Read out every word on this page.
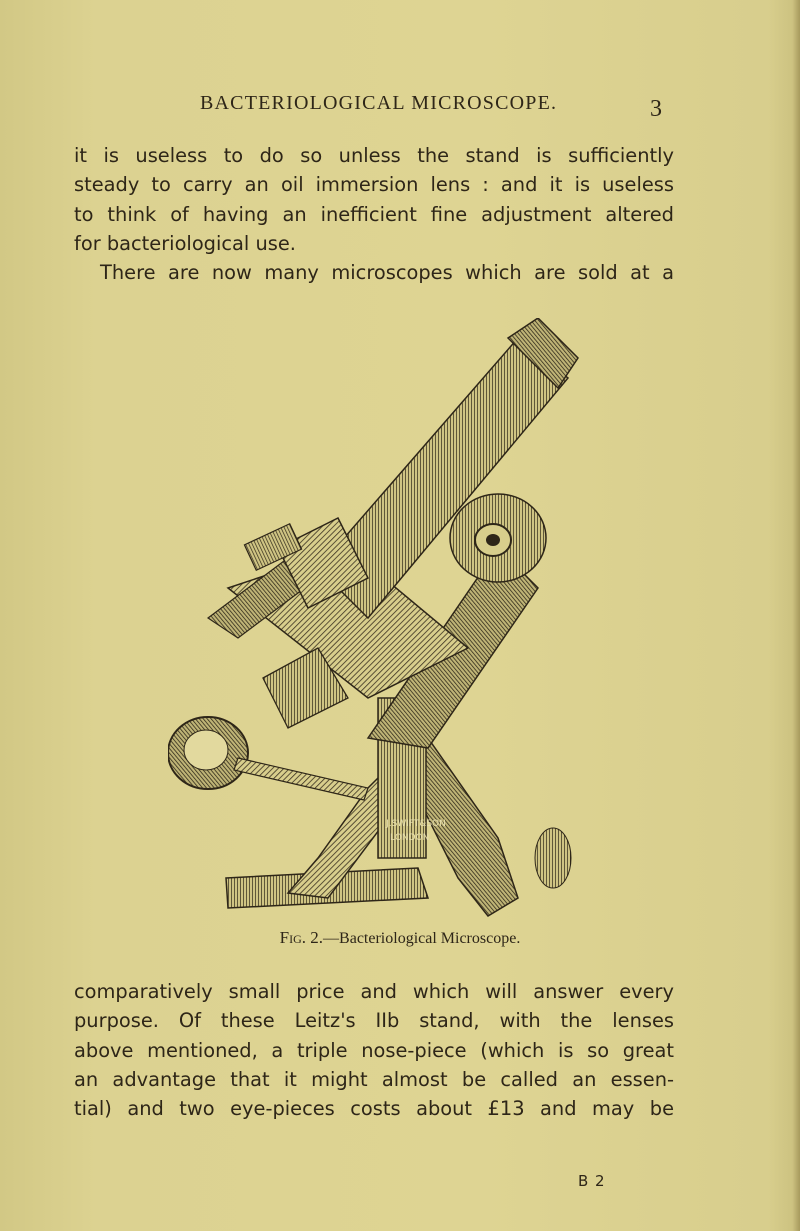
BACTERIOLOGICAL MICROSCOPE.	3
it is useless to do so unless the stand is sufficiently
steady to carry an oil immersion lens : and it is useless
to think of having an inefficient fine adjustment altered
for bacteriological use.
There are now many microscopes which are sold at a
J.SWIFT&SON
LONDON.
Fig. 2.—Bacteriological Microscope.
comparatively small price and which will answer every
purpose. Of these Leitz's IIb stand, with the lenses
above mentioned, a triple nose-piece (which is so great
an advantage that it might almost be called an essen-
tial) and two eye-pieces costs about £13 and may be
B 2
